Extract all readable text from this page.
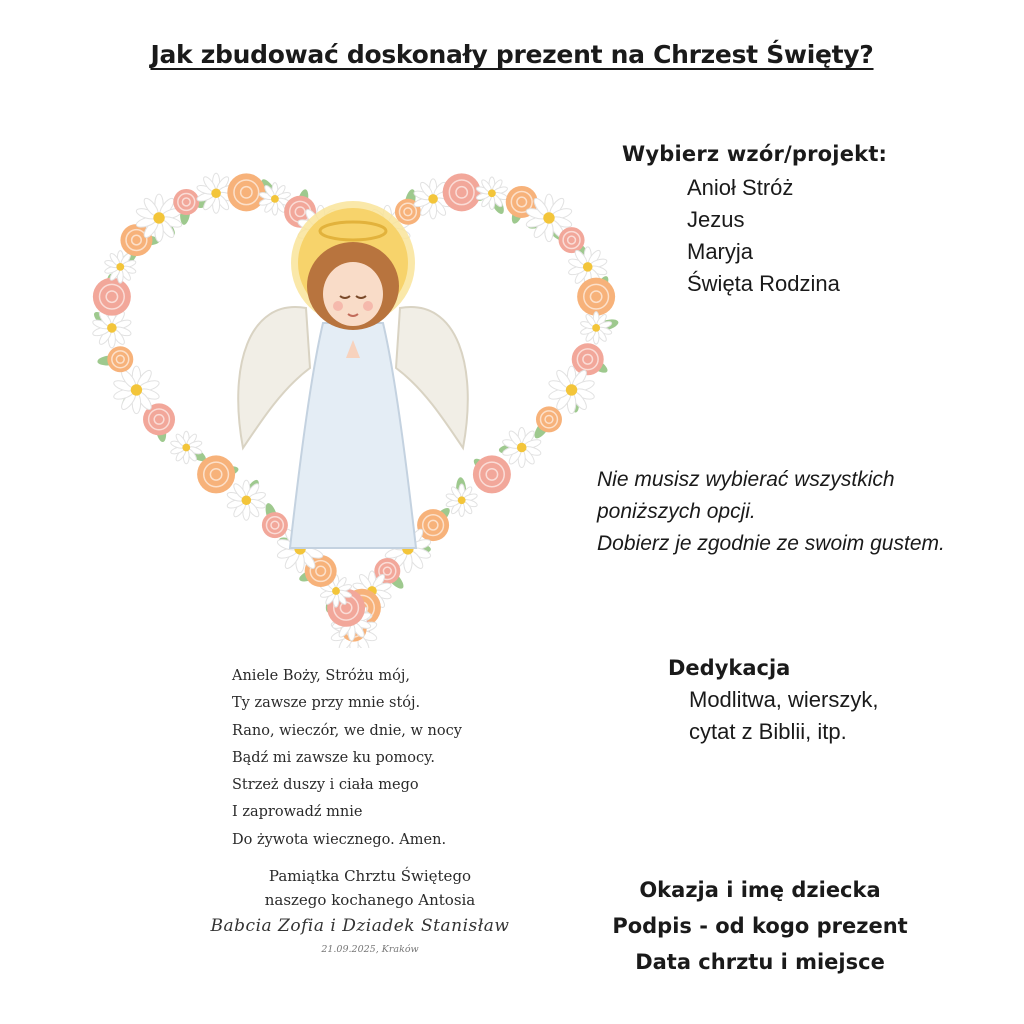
Jak zbudować doskonały prezent na Chrzest Święty?
Wybierz wzór/projekt:
Anioł Stróż
Jezus
Maryja
Święta Rodzina
Nie musisz wybierać wszystkich
poniższych opcji.
Dobierz je zgodnie ze swoim gustem.
Aniele Boży, Stróżu mój,
Ty zawsze przy mnie stój.
Rano, wieczór, we dnie, w nocy
Bądź mi zawsze ku pomocy.
Strzeż duszy i ciała mego
I zaprowadź mnie
Do żywota wiecznego. Amen.
Pamiątka Chrztu Świętego
naszego kochanego Antosia
Babcia Zofia i Dziadek Stanisław
21.09.2025, Kraków
Dedykacja
Modlitwa, wierszyk,
cytat z Biblii, itp.
Okazja i imę dziecka
Podpis - od kogo prezent
Data chrztu i miejsce
